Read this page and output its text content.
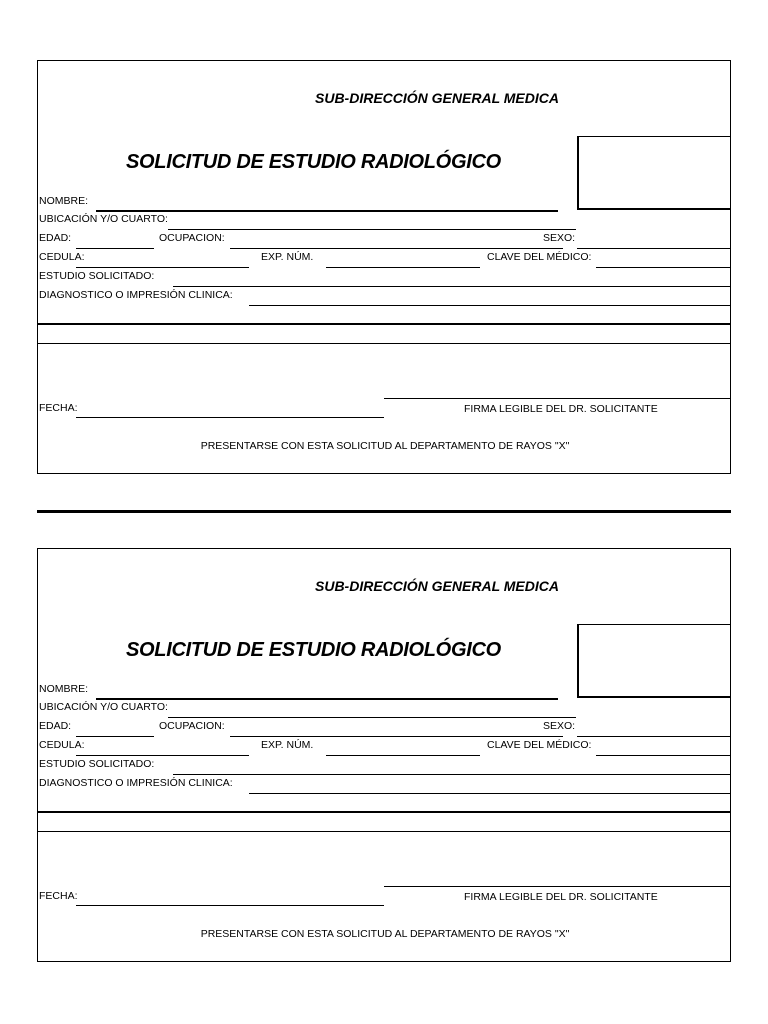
SUB-DIRECCIÓN GENERAL MEDICA
SOLICITUD DE ESTUDIO RADIOLÓGICO
NOMBRE:
UBICACIÓN Y/O CUARTO:
EDAD:	OCUPACION:	SEXO:
CEDULA:	EXP. NÚM.	CLAVE DEL MÉDICO:
ESTUDIO SOLICITADO:
DIAGNOSTICO O IMPRESIÓN CLINICA:
FECHA:	FIRMA LEGIBLE DEL DR. SOLICITANTE
PRESENTARSE CON ESTA SOLICITUD AL DEPARTAMENTO DE RAYOS "X"
SUB-DIRECCIÓN GENERAL MEDICA
SOLICITUD DE ESTUDIO RADIOLÓGICO
NOMBRE:
UBICACIÓN Y/O CUARTO:
EDAD:	OCUPACION:	SEXO:
CEDULA:	EXP. NÚM.	CLAVE DEL MÉDICO:
ESTUDIO SOLICITADO:
DIAGNOSTICO O IMPRESIÓN CLINICA:
FECHA:	FIRMA LEGIBLE DEL DR. SOLICITANTE
PRESENTARSE CON ESTA SOLICITUD AL DEPARTAMENTO DE RAYOS "X"
